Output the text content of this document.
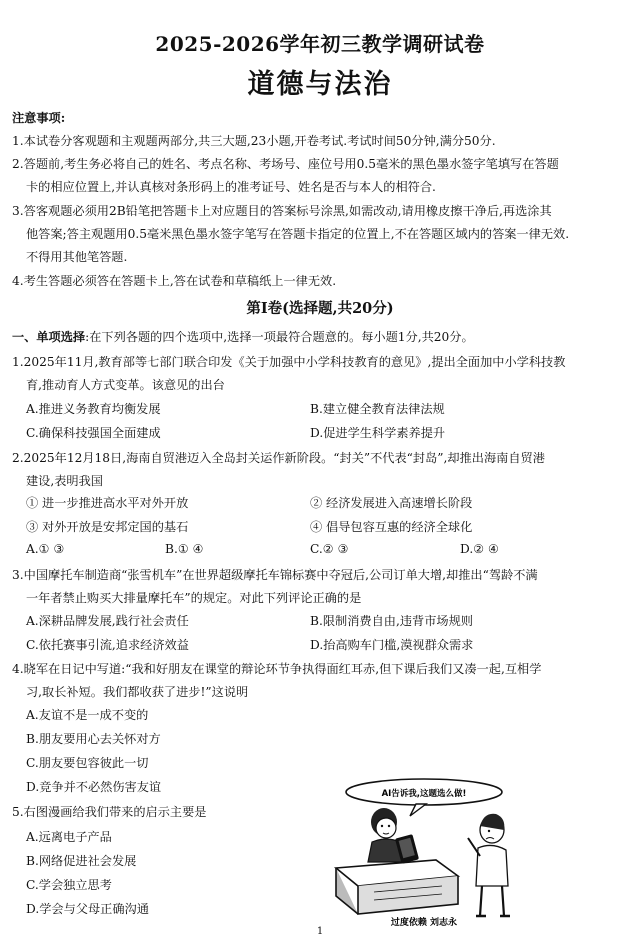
2025-2026学年初三教学调研试卷
道德与法治
注意事项:
1.本试卷分客观题和主观题两部分,共三大题,23小题,开卷考试.考试时间50分钟,满分50分.
2.答题前,考生务必将自己的姓名、考点名称、考场号、座位号用0.5毫米的黑色墨水签字笔填写在答题
卡的相应位置上,并认真核对条形码上的准考证号、姓名是否与本人的相符合.
3.答客观题必须用2B铅笔把答题卡上对应题目的答案标号涂黑,如需改动,请用橡皮擦干净后,再选涂其
他答案;答主观题用0.5毫米黑色墨水签字笔写在答题卡指定的位置上,不在答题区域内的答案一律无效.
不得用其他笔答题.
4.考生答题必须答在答题卡上,答在试卷和草稿纸上一律无效.
第Ⅰ卷(选择题,共20分)
一、单项选择:在下列各题的四个选项中,选择一项最符合题意的。每小题1分,共20分。
1.2025年11月,教育部等七部门联合印发《关于加强中小学科技教育的意见》,提出全面加中小学科技教
育,推动育人方式变革。该意见的出台
A.推进义务教育均衡发展	B.建立健全教育法律法规
C.确保科技强国全面建成	D.促进学生科学素养提升
2.2025年12月18日,海南自贸港迈入全岛封关运作新阶段。“封关”不代表“封岛”,却推出海南自贸港
建设,表明我国
① 进一步推进高水平对外开放	② 经济发展进入高速增长阶段
③ 对外开放是安邦定国的基石	④ 倡导包容互惠的经济全球化
A.① ③	B.① ④	C.② ③	D.② ④
3.中国摩托车制造商“张雪机车”在世界超级摩托车锦标赛中夺冠后,公司订单大增,却推出“驾龄不满
一年者禁止购买大排量摩托车”的规定。对此下列评论正确的是
A.深耕品牌发展,践行社会责任	B.限制消费自由,违背市场规则
C.依托赛事引流,追求经济效益	D.抬高购车门槛,漠视群众需求
4.晓军在日记中写道:“我和好朋友在课堂的辩论环节争执得面红耳赤,但下课后我们又凑一起,互相学
习,取长补短。我们都收获了进步!”这说明
A.友谊不是一成不变的
B.朋友要用心去关怀对方
C.朋友要包容彼此一切
D.竞争并不必然伤害友谊
5.右图漫画给我们带来的启示主要是
A.远离电子产品
B.网络促进社会发展
C.学会独立思考
D.学会与父母正确沟通
AI告诉我,这题选么做!
过度依赖 刘志永
1
